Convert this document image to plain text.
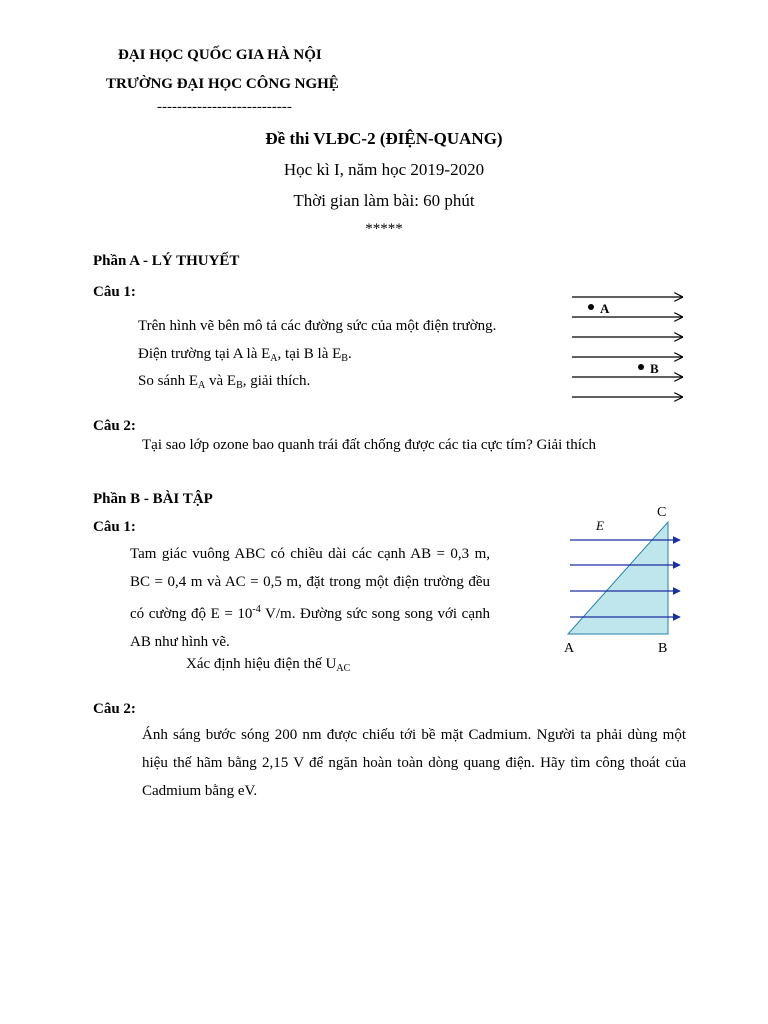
ĐẠI HỌC QUỐC GIA HÀ NỘI
TRƯỜNG ĐẠI HỌC CÔNG NGHỆ
---------------------------
Đề thi VLĐC-2 (ĐIỆN-QUANG)
Học kì I, năm học 2019-2020
Thời gian làm bài: 60 phút
*****
Phần A - LÝ THUYẾT
Câu 1:
Trên hình vẽ bên mô tả các đường sức của một điện trường.
Điện trường tại A là $E_A$, tại B là $E_B$.
So sánh $E_A$ và $E_B$, giải thích.
A
B
Câu 2:
Tại sao lớp ozone bao quanh trái đất chống được các tia cực tím? Giải thích
Phần B - BÀI TẬP
Câu 1:
Tam giác vuông ABC có chiều dài các cạnh AB = 0,3 m, BC = 0,4 m và AC = 0,5 m, đặt trong một điện trường đều có cường độ $E = 10^{-4}$ V/m. Đường sức song song với cạnh AB như hình vẽ.
Xác định hiệu điện thế $U_{AC}$
E
C
A	B
Câu 2:
Ánh sáng bước sóng 200 nm được chiếu tới bề mặt Cadmium. Người ta phải dùng một hiệu thế hãm bằng 2,15 V để ngăn hoàn toàn dòng quang điện. Hãy tìm công thoát của Cadmium bằng eV.
